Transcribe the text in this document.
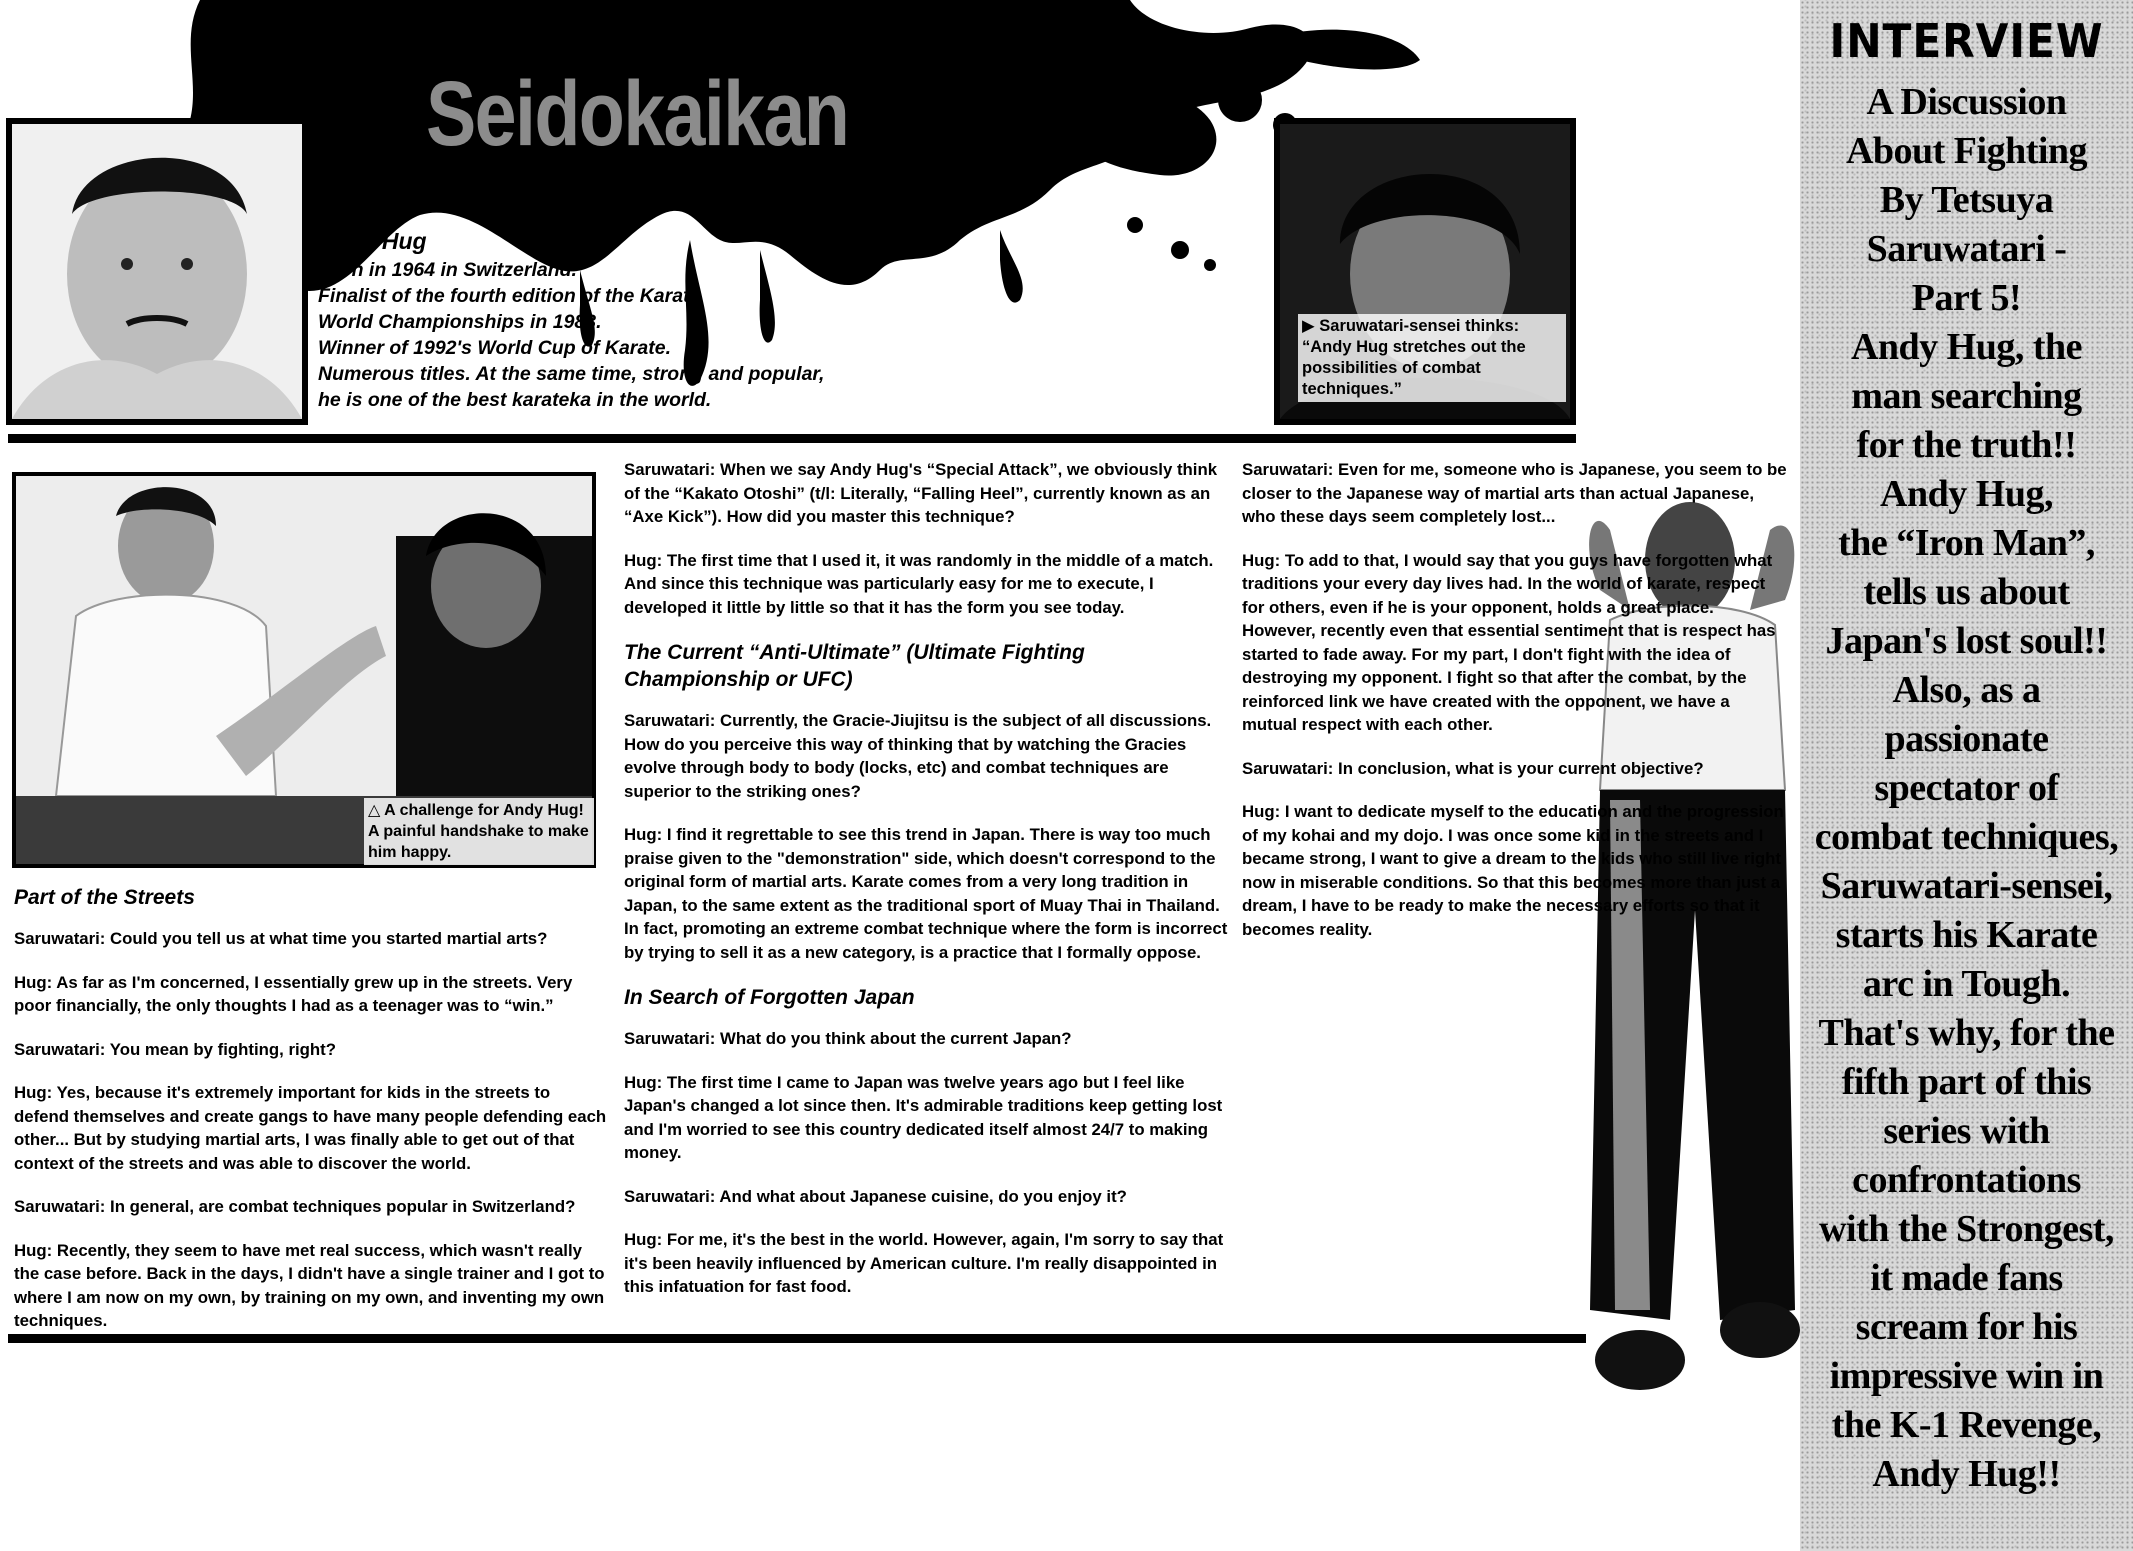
Seidokaikan

Andy Hug

Born in 1964 in Switzerland.

Finalist of the fourth edition of the Karate

World Championships in 1983.

Winner of 1992's World Cup of Karate.

Numerous titles. At the same time, strong and popular,

he is one of the best karateka in the world.

▶ Saruwatari-sensei thinks: “Andy Hug stretches out the possibilities of combat techniques.”
△ A challenge for Andy Hug! A painful handshake to make him happy.
Part of the Streets

Saruwatari: Could you tell us at what time you started martial arts?

Hug: As far as I'm concerned, I essentially grew up in the streets. Very poor financially, the only thoughts I had as a teenager was to “win.”

Saruwatari: You mean by fighting, right?

Hug: Yes, because it's extremely important for kids in the streets to defend themselves and create gangs to have many people defending each other... But by studying martial arts, I was finally able to get out of that context of the streets and was able to discover the world.

Saruwatari: In general, are combat techniques popular in Switzerland?

Hug: Recently, they seem to have met real success, which wasn't really the case before. Back in the days, I didn't have a single trainer and I got to where I am now on my own, by training on my own, and inventing my own techniques.

Saruwatari: When we say Andy Hug's “Special Attack”, we obviously think of the “Kakato Otoshi” (t/l: Literally, “Falling Heel”, currently known as an “Axe Kick”). How did you master this technique?

Hug: The first time that I used it, it was randomly in the middle of a match. And since this technique was particularly easy for me to execute, I developed it little by little so that it has the form you see today.

The Current “Anti-Ultimate” (Ultimate Fighting Championship or UFC)

Saruwatari: Currently, the Gracie-Jiujitsu is the subject of all discussions. How do you perceive this way of thinking that by watching the Gracies evolve through body to body (locks, etc) and combat techniques are superior to the striking ones?

Hug: I find it regrettable to see this trend in Japan. There is way too much praise given to the "demonstration" side, which doesn't correspond to the original form of martial arts. Karate comes from a very long tradition in Japan, to the same extent as the traditional sport of Muay Thai in Thailand. In fact, promoting an extreme combat technique where the form is incorrect by trying to sell it as a new category, is a practice that I formally oppose.

In Search of Forgotten Japan

Saruwatari: What do you think about the current Japan?

Hug: The first time I came to Japan was twelve years ago but I feel like Japan's changed a lot since then. It's admirable traditions keep getting lost and I'm worried to see this country dedicated itself almost 24/7 to making money.

Saruwatari: And what about Japanese cuisine, do you enjoy it?

Hug: For me, it's the best in the world. However, again, I'm sorry to say that it's been heavily influenced by American culture. I'm really disappointed in this infatuation for fast food.

Saruwatari: Even for me, someone who is Japanese, you seem to be closer to the Japanese way of martial arts than actual Japanese, who these days seem completely lost...

Hug: To add to that, I would say that you guys have forgotten what traditions your every day lives had. In the world of karate, respect for others, even if he is your opponent, holds a great place. However, recently even that essential sentiment that is respect has started to fade away. For my part, I don't fight with the idea of destroying my opponent. I fight so that after the combat, by the reinforced link we have created with the opponent, we have a mutual respect with each other.

Saruwatari: In conclusion, what is your current objective?

Hug: I want to dedicate myself to the education and the progression of my kohai and my dojo. I was once some kid in the streets and I became strong, I want to give a dream to the kids who still live right now in miserable conditions. So that this becomes more than just a dream, I have to be ready to make the necessary efforts so that it becomes reality.

INTERVIEW
A Discussion
About Fighting
By Tetsuya
Saruwatari -
Part 5!
Andy Hug, the
man searching
for the truth!!
Andy Hug,
the “Iron Man”,
tells us about
Japan's lost soul!!
Also, as a
passionate
spectator of
combat techniques,
Saruwatari-sensei,
starts his Karate
arc in Tough.
That's why, for the
fifth part of this
series with
confrontations
with the Strongest,
it made fans
scream for his
impressive win in
the K-1 Revenge,
Andy Hug!!
